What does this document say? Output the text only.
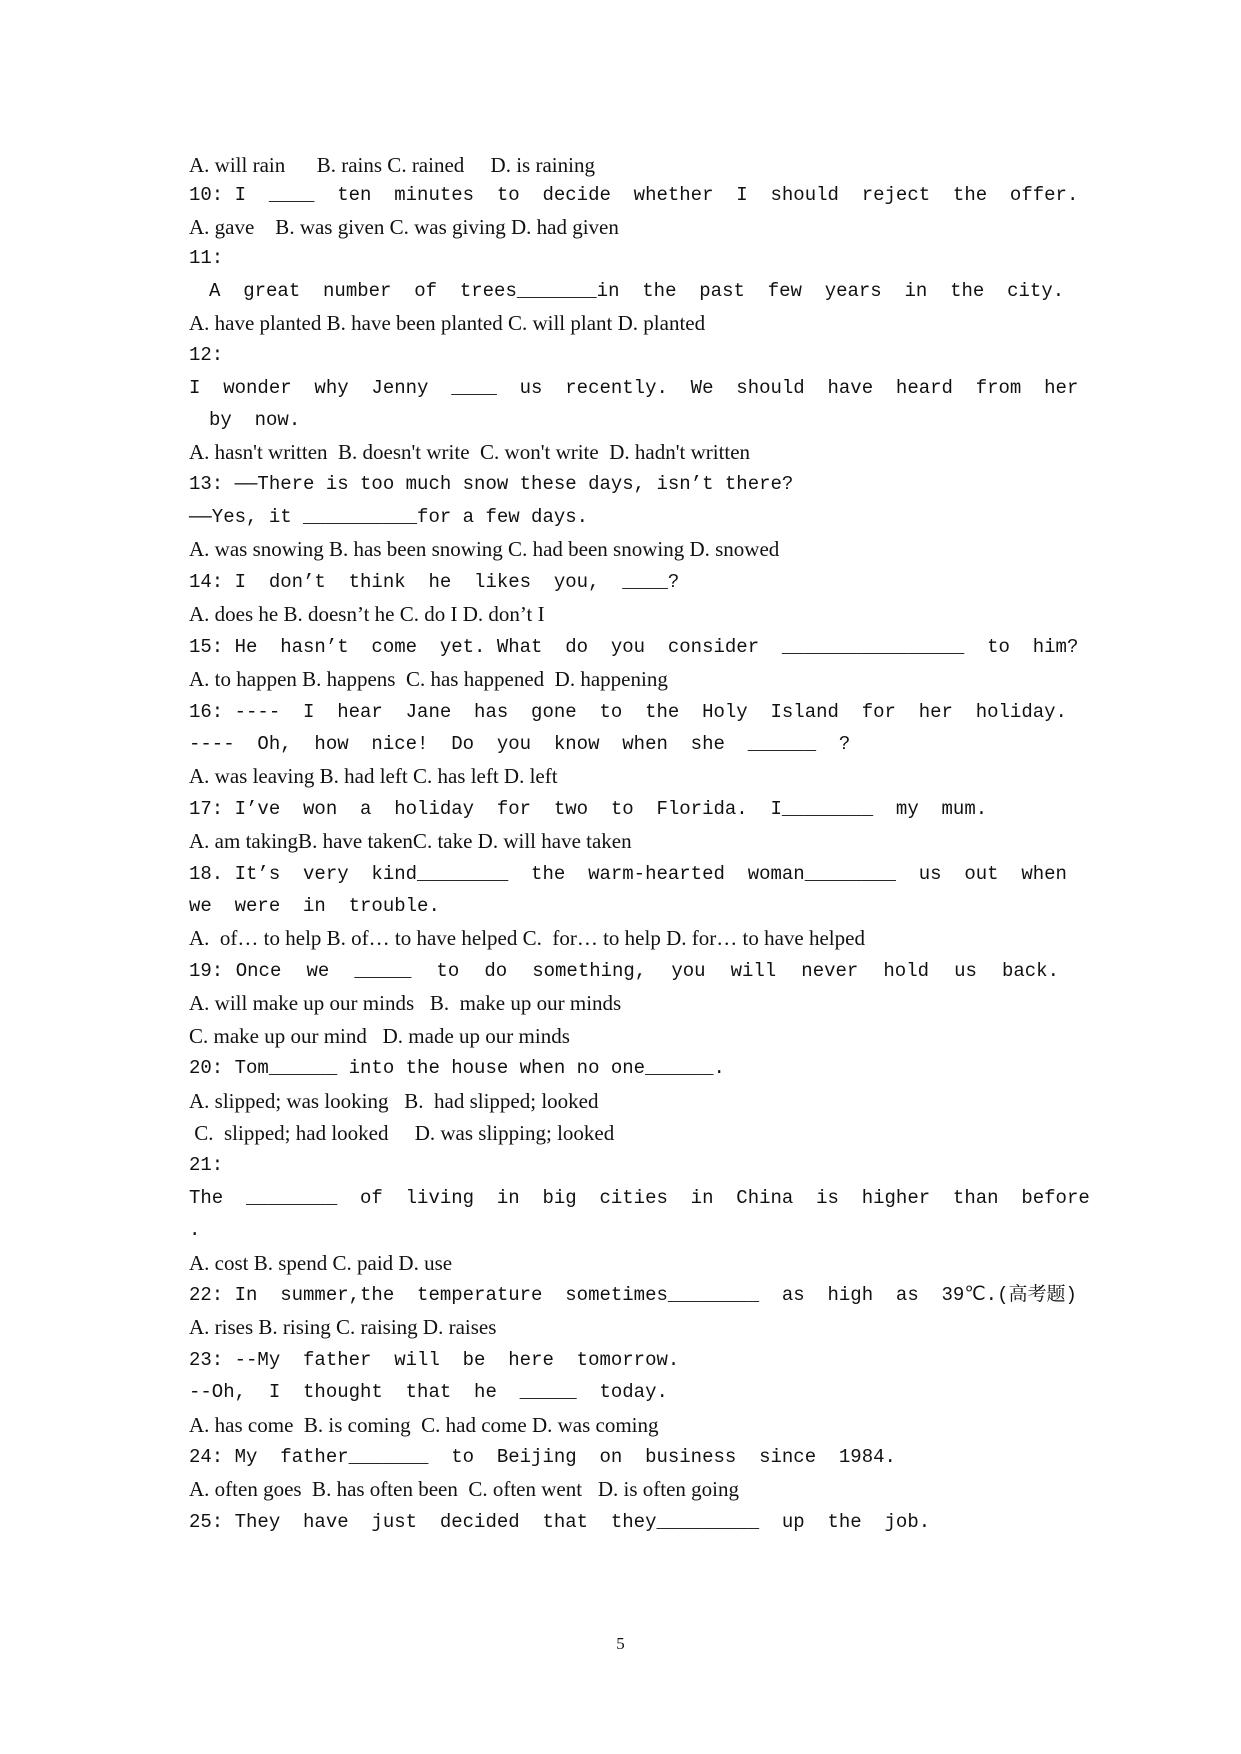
A. will rain      B. rains C. rained     D. is raining
10: I  ____  ten  minutes  to  decide  whether  I  should  reject  the  offer.
A. gave    B. was given C. was giving D. had given
11:
A  great  number  of  trees_______in  the  past  few  years  in  the  city.
A. have planted B. have been planted C. will plant D. planted
12:
I  wonder  why  Jenny  ____  us  recently.  We  should  have  heard  from  her
by  now.
A. hasn't written  B. doesn't write  C. won't write  D. hadn't written
13: ——There is too much snow these days, isn’t there?
——Yes, it __________for a few days.
A. was snowing B. has been snowing C. had been snowing D. snowed
14: I  don’t  think  he  likes  you,  ____?
A. does he B. doesn’t he C. do I D. don’t I
15: He  hasn’t  come  yet. What  do  you  consider  ________________  to  him?
A. to happen B. happens  C. has happened  D. happening
16: ----  I  hear  Jane  has  gone  to  the  Holy  Island  for  her  holiday.
----  Oh,  how  nice!  Do  you  know  when  she  ______  ?
A. was leaving B. had left C. has left D. left
17: I’ve  won  a  holiday  for  two  to  Florida.  I________  my  mum.
A. am takingB. have takenC. take D. will have taken
18. It’s  very  kind________  the  warm-hearted  woman________  us  out  when
we  were  in  trouble.
A.  of… to help B. of… to have helped C.  for… to help D. for… to have helped
19: Once  we  _____  to  do  something,  you  will  never  hold  us  back.
A. will make up our minds   B.  make up our minds
C. make up our mind   D. made up our minds
20: Tom______ into the house when no one______.
A. slipped; was looking   B.  had slipped; looked
C.  slipped; had looked     D. was slipping; looked
21:
The  ________  of  living  in  big  cities  in  China  is  higher  than  before
.
A. cost B. spend C. paid D. use
22: In  summer,the  temperature  sometimes________  as  high  as  39℃.(高考题)
A. rises B. rising C. raising D. raises
23: --My  father  will  be  here  tomorrow.
--Oh,  I  thought  that  he  _____  today.
A. has come  B. is coming  C. had come D. was coming
24: My  father_______  to  Beijing  on  business  since  1984.
A. often goes  B. has often been  C. often went   D. is often going
25: They  have  just  decided  that  they_________  up  the  job.
5
